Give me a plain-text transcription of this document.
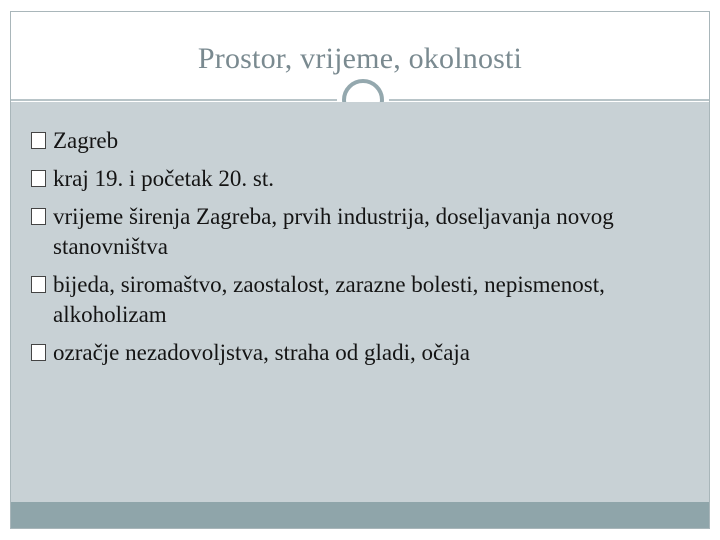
Prostor, vrijeme, okolnosti
Zagreb
kraj 19. i početak 20. st.
vrijeme širenja Zagreba, prvih industrija, doseljavanja novog stanovništva
bijeda, siromaštvo, zaostalost, zarazne bolesti, nepismenost, alkoholizam
ozračje nezadovoljstva, straha od gladi, očaja
